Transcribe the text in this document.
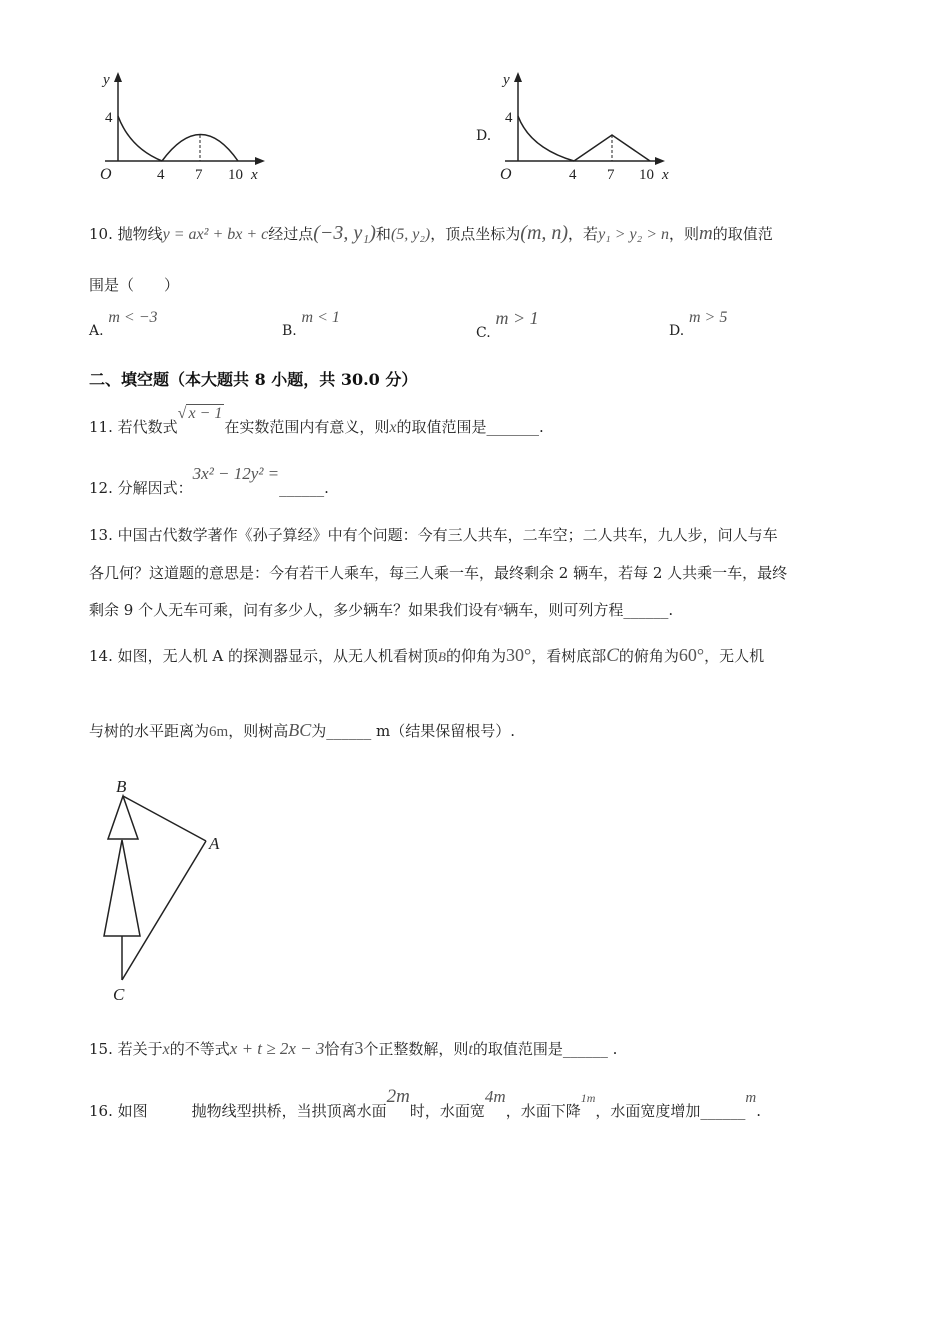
y
4
O	4 7 10 x
D.
y
4
O	4 7 10 x
10. 抛物线y = ax² + bx + c经过点(−3, y₁)和(5, y₂)，顶点坐标为(m, n)，若y₁ > y₂ > n，则m的取值范
围是（　　）
A. m < −3
B. m < 1
C. m > 1
D. m > 5
二、填空题（本大题共 8 小题，共 30.0 分）
11. 若代数式√ x − 1在实数范围内有意义，则x的取值范围是_______.
12. 分解因式：3x² − 12y² =______.
13. 中国古代数学著作《孙子算经》中有个问题：今有三人共车，二车空；二人共车，九人步，问人与车
各几何？这道题的意思是：今有若干人乘车，每三人乘一车，最终剩余 2 辆车，若每 2 人共乘一车，最终
剩余 9 个人无车可乘，问有多少人，多少辆车？如果我们设有$^x$辆车，则可列方程______.
14. 如图，无人机 A 的探测器显示，从无人机看树顶B的仰角为30°，看树底部C的俯角为60°，无人机
与树的水平距离为6m，则树高BC为______ m（结果保留根号）.
B
A
C
15. 若关于x的不等式x + t ≥ 2x − 3恰有3个正整数解，则t的取值范围是______ .
16. 如图	抛物线型拱桥，当拱顶离水面2m时，水面宽4m，水面下降1m，水面宽度增加______m.
